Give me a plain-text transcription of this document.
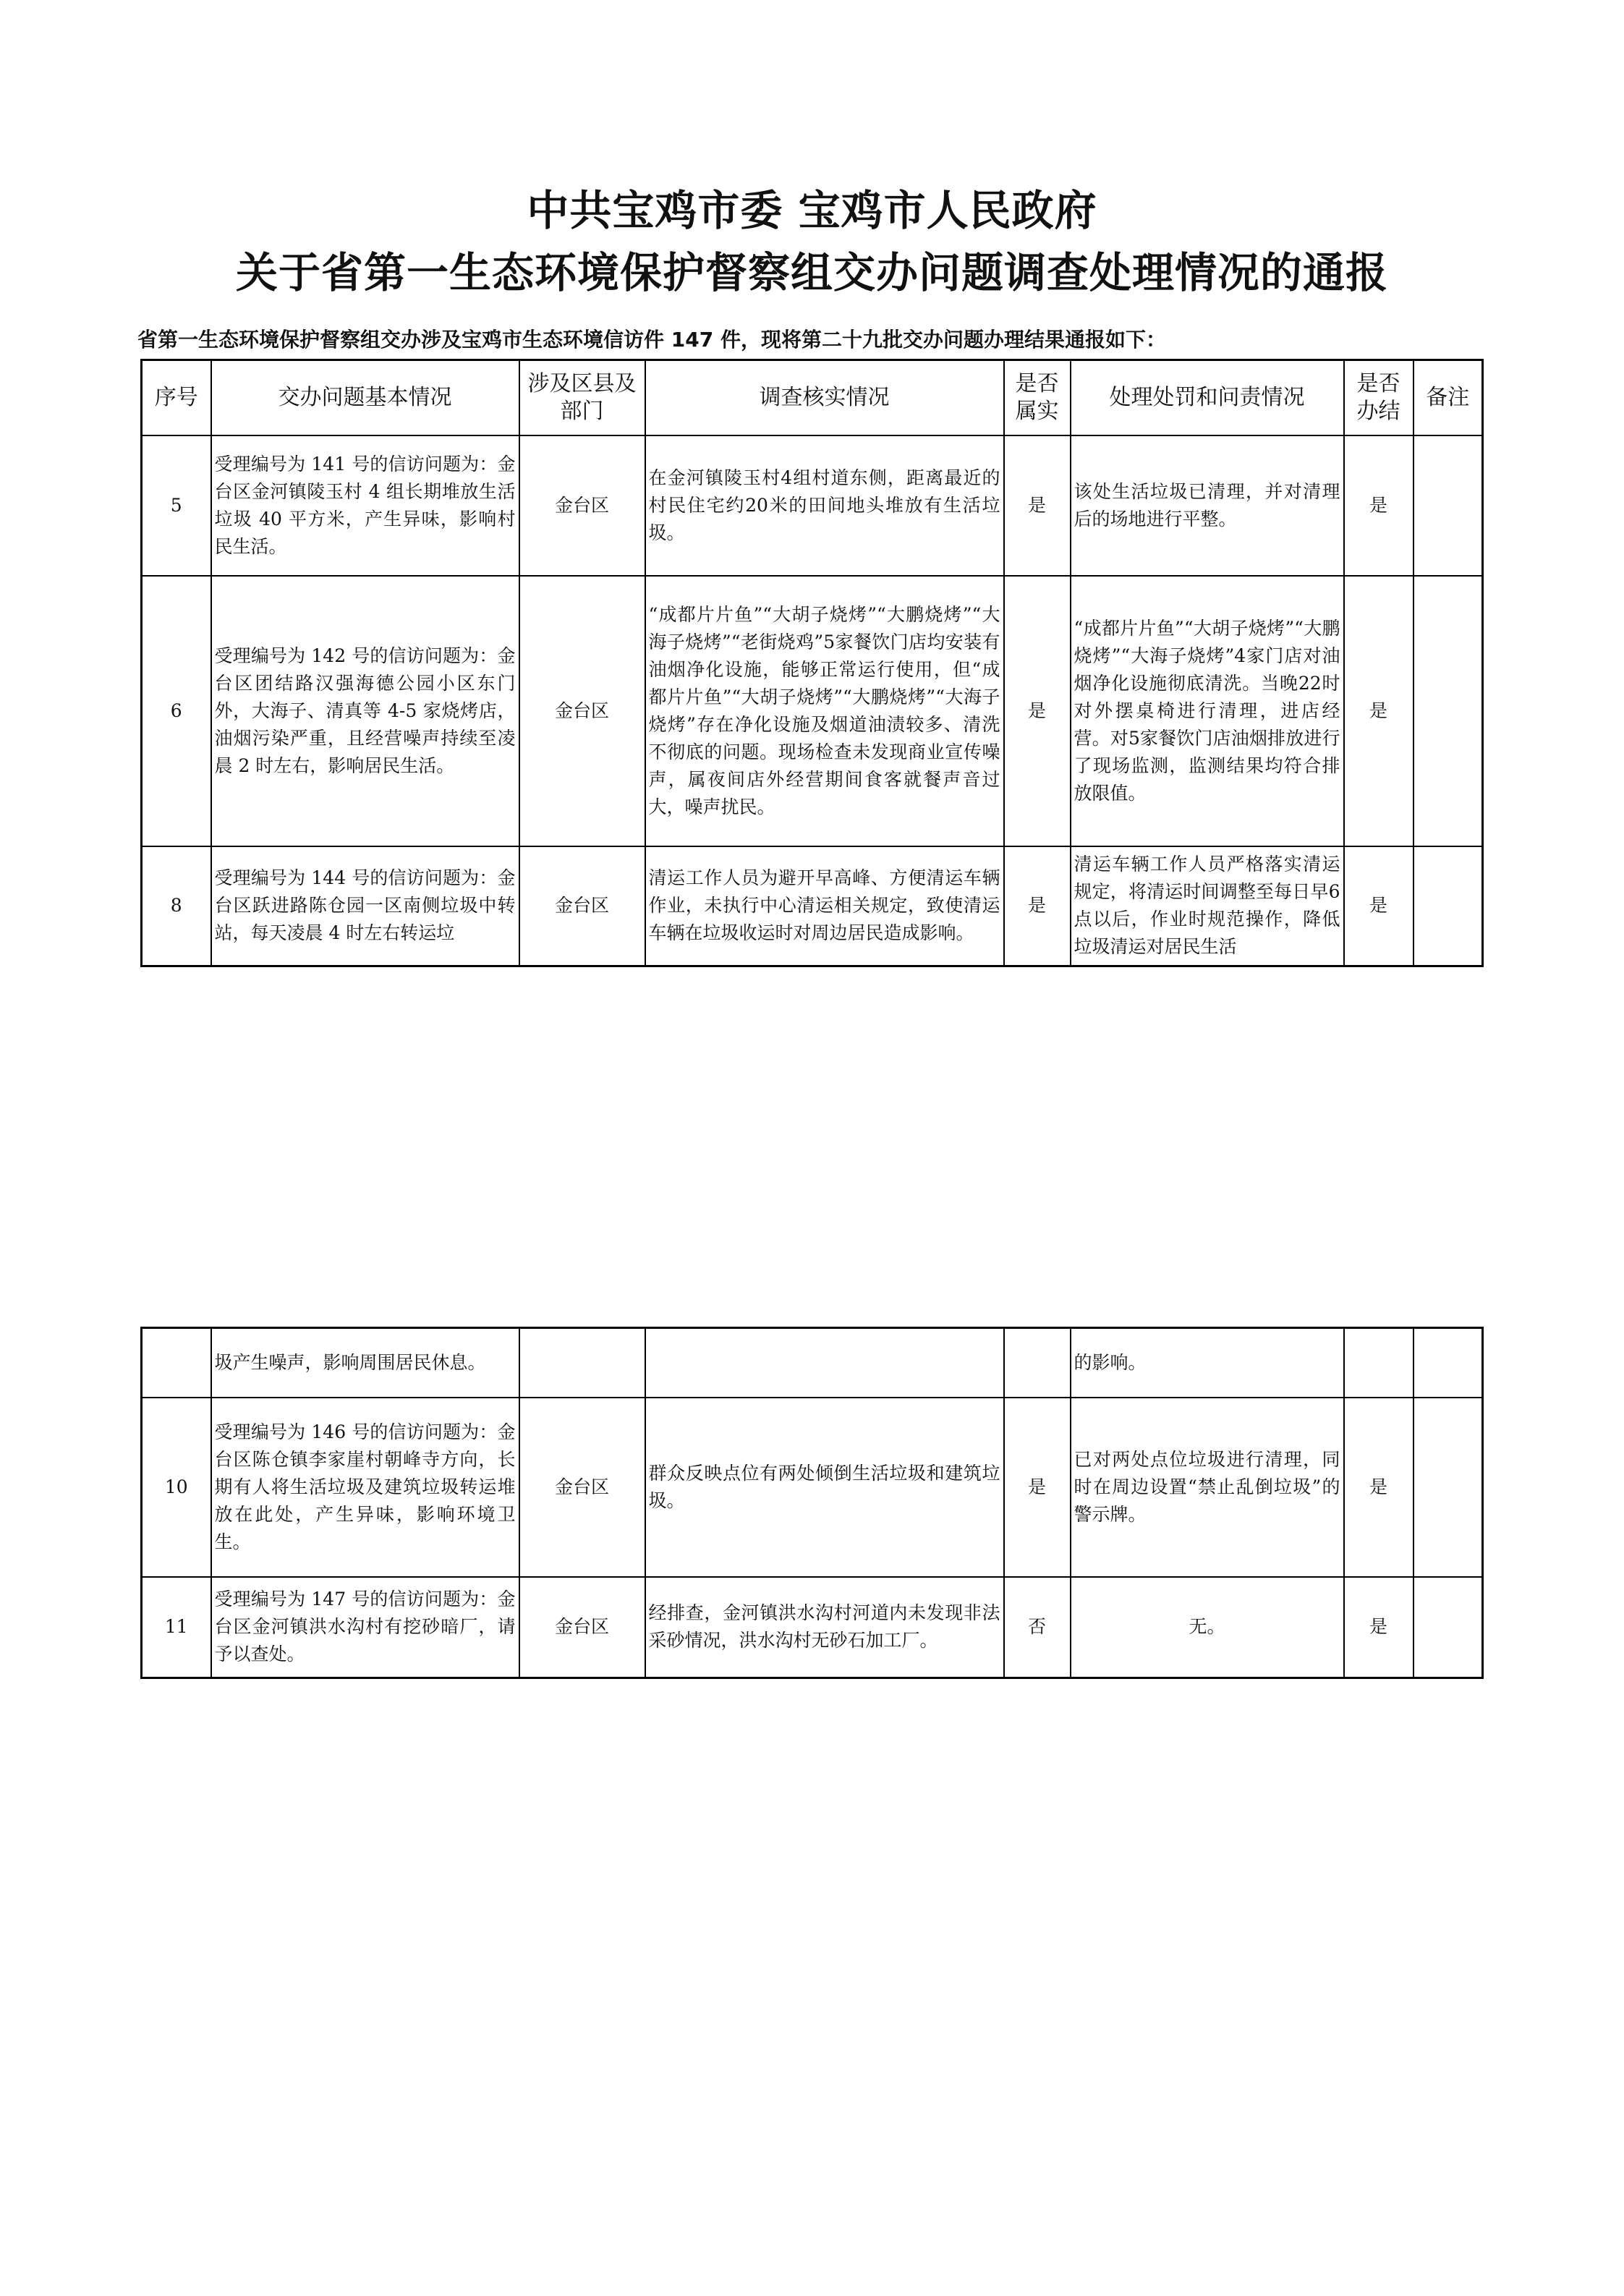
中共宝鸡市委 宝鸡市人民政府
关于省第一生态环境保护督察组交办问题调查处理情况的通报
省第一生态环境保护督察组交办涉及宝鸡市生态环境信访件 147 件，现将第二十九批交办问题办理结果通报如下：
序号	交办问题基本情况	涉及区县及部门	调查核实情况	是否属实	处理处罚和问责情况	是否办结	备注
5	受理编号为 141 号的信访问题为：金台区金河镇陵玉村 4 组长期堆放生活垃圾 40 平方米，产生异味，影响村民生活。	金台区	在金河镇陵玉村4组村道东侧，距离最近的村民住宅约20米的田间地头堆放有生活垃圾。	是	该处生活垃圾已清理，并对清理后的场地进行平整。	是	
6	受理编号为 142 号的信访问题为：金台区团结路汉强海德公园小区东门外，大海子、清真等 4-5 家烧烤店，油烟污染严重，且经营噪声持续至凌晨 2 时左右，影响居民生活。	金台区	“成都片片鱼”“大胡子烧烤”“大鹏烧烤”“大海子烧烤”“老街烧鸡”5家餐饮门店均安装有油烟净化设施，能够正常运行使用，但“成都片片鱼”“大胡子烧烤”“大鹏烧烤”“大海子烧烤”存在净化设施及烟道油渍较多、清洗不彻底的问题。现场检查未发现商业宣传噪声，属夜间店外经营期间食客就餐声音过大，噪声扰民。	是	“成都片片鱼”“大胡子烧烤”“大鹏烧烤”“大海子烧烤”4家门店对油烟净化设施彻底清洗。当晚22时对外摆桌椅进行清理，进店经营。对5家餐饮门店油烟排放进行了现场监测，监测结果均符合排放限值。	是	
8	受理编号为 144 号的信访问题为：金台区跃进路陈仓园一区南侧垃圾中转站，每天凌晨 4 时左右转运垃	金台区	清运工作人员为避开早高峰、方便清运车辆作业，未执行中心清运相关规定，致使清运车辆在垃圾收运时对周边居民造成影响。	是	清运车辆工作人员严格落实清运规定，将清运时间调整至每日早6点以后，作业时规范操作，降低垃圾清运对居民生活	是	
	圾产生噪声，影响周围居民休息。				的影响。		
10	受理编号为 146 号的信访问题为：金台区陈仓镇李家崖村朝峰寺方向，长期有人将生活垃圾及建筑垃圾转运堆放在此处，产生异味，影响环境卫生。	金台区	群众反映点位有两处倾倒生活垃圾和建筑垃圾。	是	已对两处点位垃圾进行清理，同时在周边设置“禁止乱倒垃圾”的警示牌。	是	
11	受理编号为 147 号的信访问题为：金台区金河镇洪水沟村有挖砂暗厂，请予以查处。	金台区	经排查，金河镇洪水沟村河道内未发现非法采砂情况，洪水沟村无砂石加工厂。	否	无。	是	
